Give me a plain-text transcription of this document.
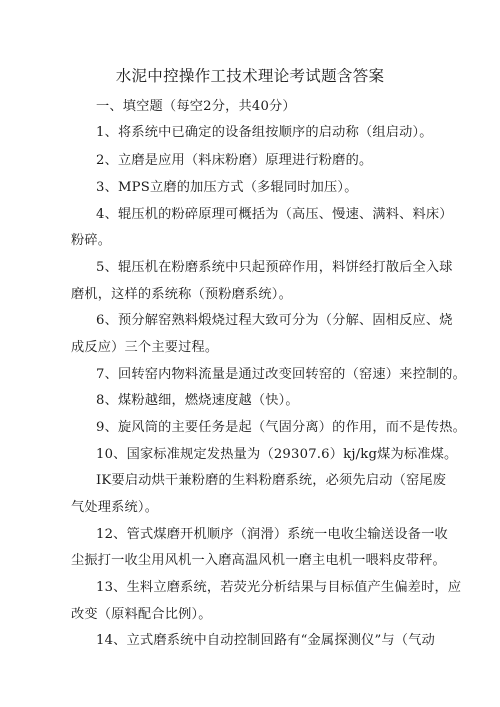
水泥中控操作工技术理论考试题含答案
一、填空题（每空2分，共40分）
1、将系统中已确定的设备组按顺序的启动称（组启动）。
2、立磨是应用（料床粉磨）原理进行粉磨的。
3、MPS立磨的加压方式（多辊同时加压）。
4、辊压机的粉碎原理可概括为（高压、慢速、满料、料床）
粉碎。
5、辊压机在粉磨系统中只起预碎作用，料饼经打散后全入球
磨机，这样的系统称（预粉磨系统）。
6、预分解窑熟料煅烧过程大致可分为（分解、固相反应、烧
成反应）三个主要过程。
7、回转窑内物料流量是通过改变回转窑的（窑速）来控制的。
8、煤粉越细，燃烧速度越（快）。
9、旋风筒的主要任务是起（气固分离）的作用，而不是传热。
10、国家标准规定发热量为（29307.6）kj/kg煤为标准煤。
IK要启动烘干兼粉磨的生料粉磨系统，必须先启动（窑尾废
气处理系统）。
12、管式煤磨开机顺序（润滑）系统一电收尘输送设备一收
尘振打一收尘用风机一入磨高温风机一磨主电机一喂料皮带秤。
13、生料立磨系统，若荧光分析结果与目标值产生偏差时，应
改变（原料配合比例）。
14、立式磨系统中自动控制回路有“金属探测仪”与（气动
